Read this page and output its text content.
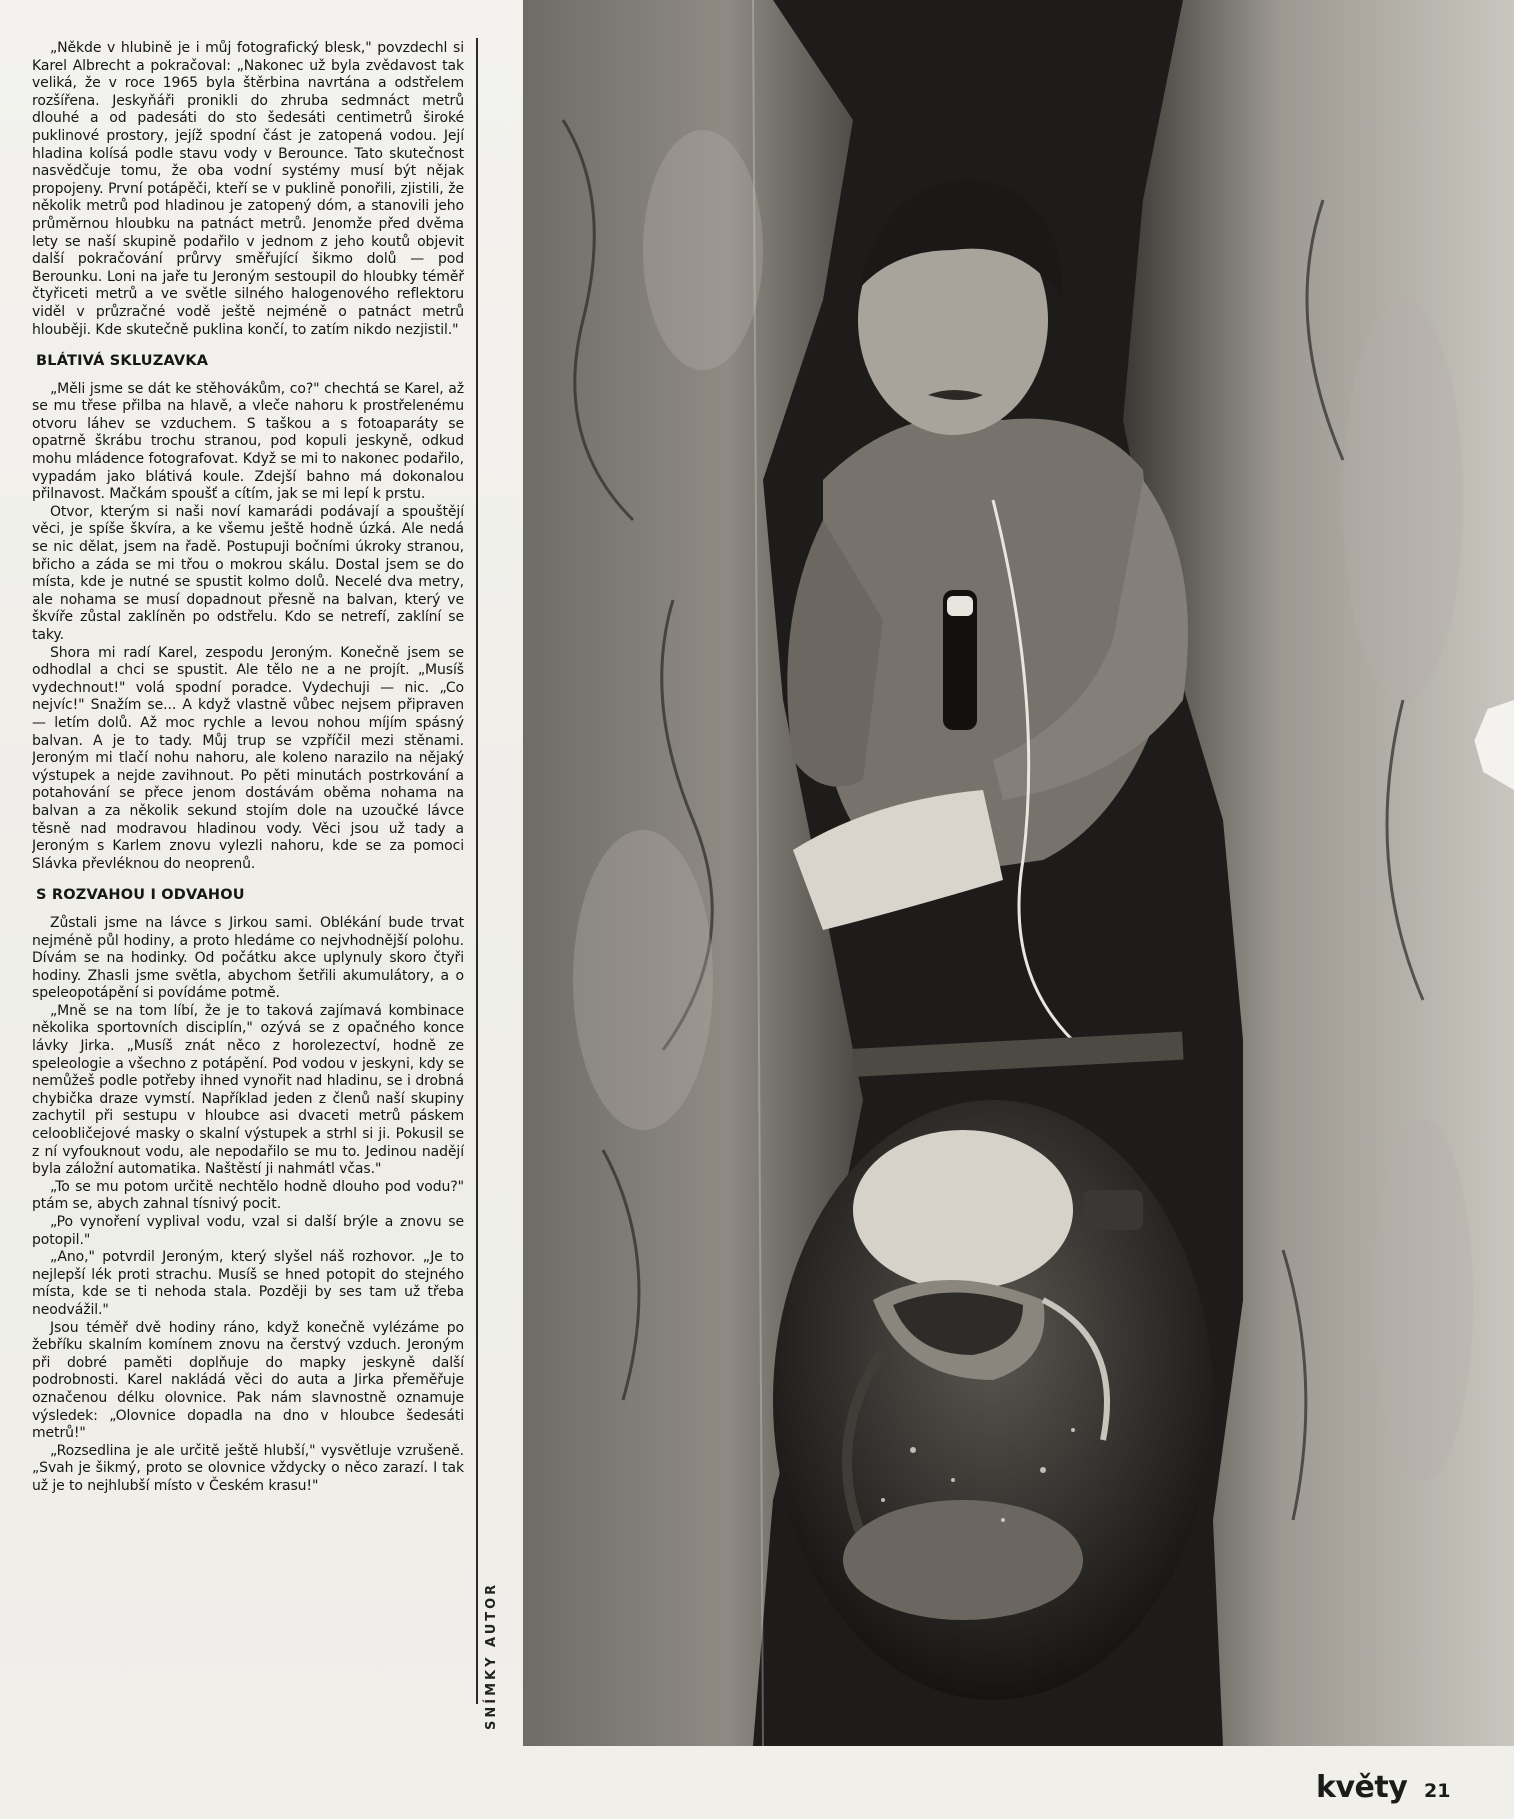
„Někde v hlubině je i můj fotografický blesk," povzdechl si Karel Albrecht a pokračoval: „Nakonec už byla zvědavost tak veliká, že v roce 1965 byla štěrbina navrtána a odstřelem rozšířena. Jeskyňáři pronikli do zhruba sedmnáct metrů dlouhé a od padesáti do sto šedesáti centimetrů široké puklinové prostory, jejíž spodní část je zatopená vodou. Její hladina kolísá podle stavu vody v Berounce. Tato skutečnost nasvědčuje tomu, že oba vodní systémy musí být nějak propojeny. První potápěči, kteří se v puklině ponořili, zjistili, že několik metrů pod hladinou je zatopený dóm, a stanovili jeho průměrnou hloubku na patnáct metrů. Jenomže před dvěma lety se naší skupině podařilo v jednom z jeho koutů objevit další pokračování průrvy směřující šikmo dolů — pod Berounku. Loni na jaře tu Jeroným sestoupil do hloubky téměř čtyřiceti metrů a ve světle silného halogenového reflektoru viděl v průzračné vodě ještě nejméně o patnáct metrů hlouběji. Kde skutečně puklina končí, to zatím nikdo nezjistil."

BLÁTIVÁ SKLUZAVKA

„Měli jsme se dát ke stěhovákům, co?" chechtá se Karel, až se mu třese přilba na hlavě, a vleče nahoru k prostřelenému otvoru láhev se vzduchem. S taškou a s fotoaparáty se opatrně škrábu trochu stranou, pod kopuli jeskyně, odkud mohu mládence fotografovat. Když se mi to nakonec podařilo, vypadám jako blátivá koule. Zdejší bahno má dokonalou přilnavost. Mačkám spoušť a cítím, jak se mi lepí k prstu.

Otvor, kterým si naši noví kamarádi podávají a spouštějí věci, je spíše škvíra, a ke všemu ještě hodně úzká. Ale nedá se nic dělat, jsem na řadě. Postupuji bočními úkroky stranou, břicho a záda se mi třou o mokrou skálu. Dostal jsem se do místa, kde je nutné se spustit kolmo dolů. Necelé dva metry, ale nohama se musí dopadnout přesně na balvan, který ve škvíře zůstal zaklíněn po odstřelu. Kdo se netrefí, zaklíní se taky.

Shora mi radí Karel, zespodu Jeroným. Konečně jsem se odhodlal a chci se spustit. Ale tělo ne a ne projít. „Musíš vydechnout!" volá spodní poradce. Vydechuji — nic. „Co nejvíc!" Snažím se... A když vlastně vůbec nejsem připraven — letím dolů. Až moc rychle a levou nohou míjím spásný balvan. A je to tady. Můj trup se vzpříčil mezi stěnami. Jeroným mi tlačí nohu nahoru, ale koleno narazilo na nějaký výstupek a nejde zavihnout. Po pěti minutách postrkování a potahování se přece jenom dostávám oběma nohama na balvan a za několik sekund stojím dole na uzoučké lávce těsně nad modravou hladinou vody. Věci jsou už tady a Jeroným s Karlem znovu vylezli nahoru, kde se za pomoci Slávka převléknou do neoprenů.

S ROZVAHOU I ODVAHOU

Zůstali jsme na lávce s Jirkou sami. Oblékání bude trvat nejméně půl hodiny, a proto hledáme co nejvhodnější polohu. Dívám se na hodinky. Od počátku akce uplynuly skoro čtyři hodiny. Zhasli jsme světla, abychom šetřili akumulátory, a o speleopotápění si povídáme potmě.

„Mně se na tom líbí, že je to taková zajímavá kombinace několika sportovních disciplín," ozývá se z opačného konce lávky Jirka. „Musíš znát něco z horolezectví, hodně ze speleologie a všechno z potápění. Pod vodou v jeskyni, kdy se nemůžeš podle potřeby ihned vynořit nad hladinu, se i drobná chybička draze vymstí. Například jeden z členů naší skupiny zachytil při sestupu v hloubce asi dvaceti metrů páskem celoobličejové masky o skalní výstupek a strhl si ji. Pokusil se z ní vyfouknout vodu, ale nepodařilo se mu to. Jedinou nadějí byla záložní automatika. Naštěstí ji nahmátl včas."

„To se mu potom určitě nechtělo hodně dlouho pod vodu?" ptám se, abych zahnal tísnivý pocit.

„Po vynoření vyplival vodu, vzal si další brýle a znovu se potopil."

„Ano," potvrdil Jeroným, který slyšel náš rozhovor. „Je to nejlepší lék proti strachu. Musíš se hned potopit do stejného místa, kde se ti nehoda stala. Později by ses tam už třeba neodvážil."

Jsou téměř dvě hodiny ráno, když konečně vylézáme po žebříku skalním komínem znovu na čerstvý vzduch. Jeroným při dobré paměti doplňuje do mapky jeskyně další podrobnosti. Karel nakládá věci do auta a Jirka přeměřuje označenou délku olovnice. Pak nám slavnostně oznamuje výsledek: „Olovnice dopadla na dno v hloubce šedesáti metrů!"

„Rozsedlina je ale určitě ještě hlubší," vysvětluje vzrušeně. „Svah je šikmý, proto se olovnice vždycky o něco zarazí. I tak už je to nejhlubší místo v Českém krasu!"

SNÍMKY AUTOR
květy 21
